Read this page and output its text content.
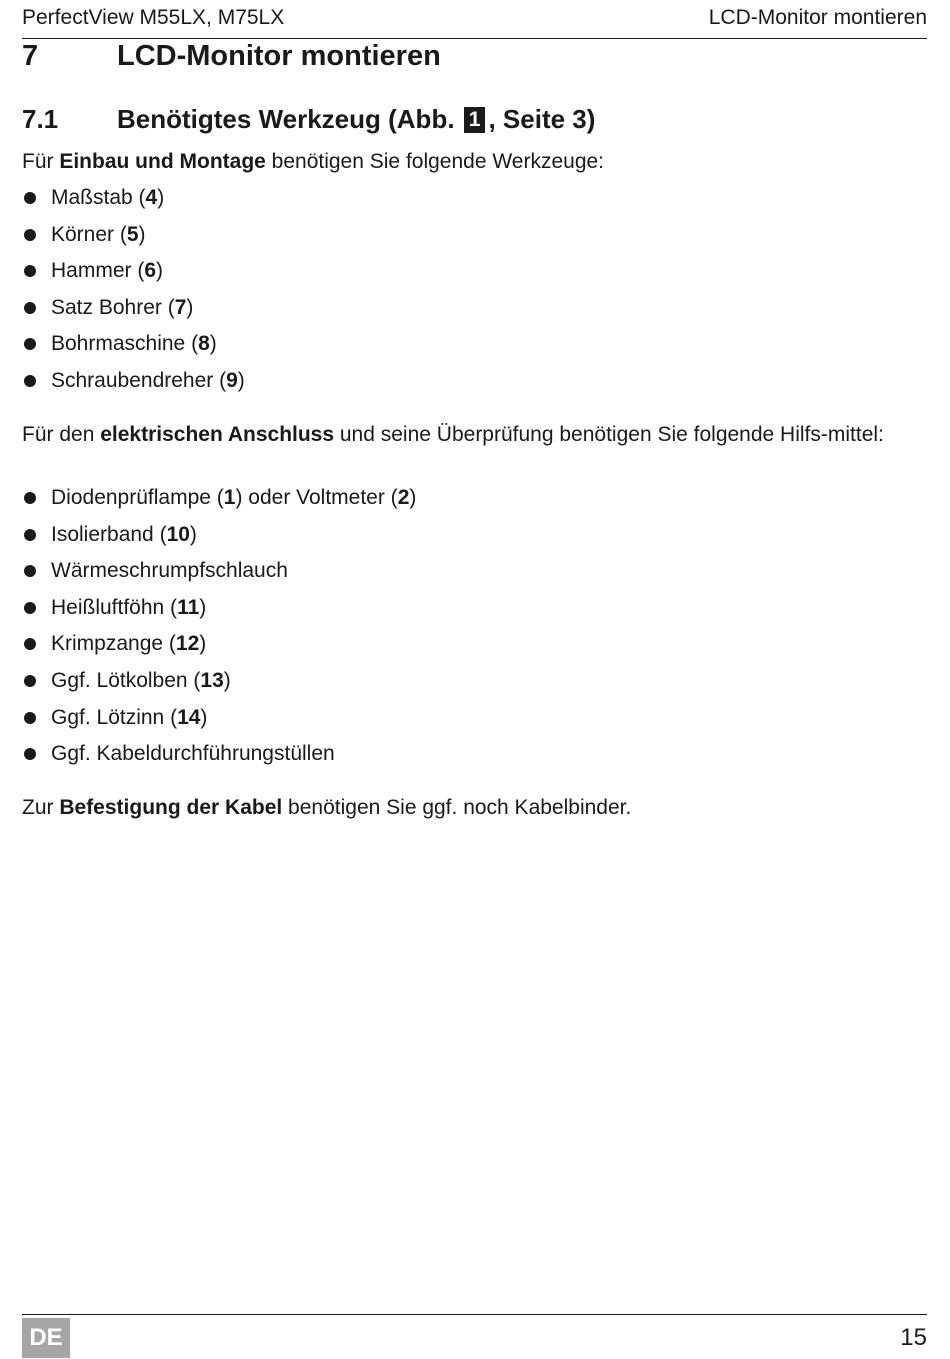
PerfectView M55LX, M75LX	LCD-Monitor montieren
7	LCD-Monitor montieren
7.1 Benötigtes Werkzeug (Abb. 1 , Seite 3)
Für Einbau und Montage benötigen Sie folgende Werkzeuge:
Maßstab (4)
Körner (5)
Hammer (6)
Satz Bohrer (7)
Bohrmaschine (8)
Schraubendreher (9)
Für den elektrischen Anschluss und seine Überprüfung benötigen Sie folgende Hilfs-mittel:
Diodenprüflampe (1) oder Voltmeter (2)
Isolierband (10)
Wärmeschrumpfschlauch
Heißluftföhn (11)
Krimpzange (12)
Ggf. Lötkolben (13)
Ggf. Lötzinn (14)
Ggf. Kabeldurchführungstüllen
Zur Befestigung der Kabel benötigen Sie ggf. noch Kabelbinder.
DE	15
